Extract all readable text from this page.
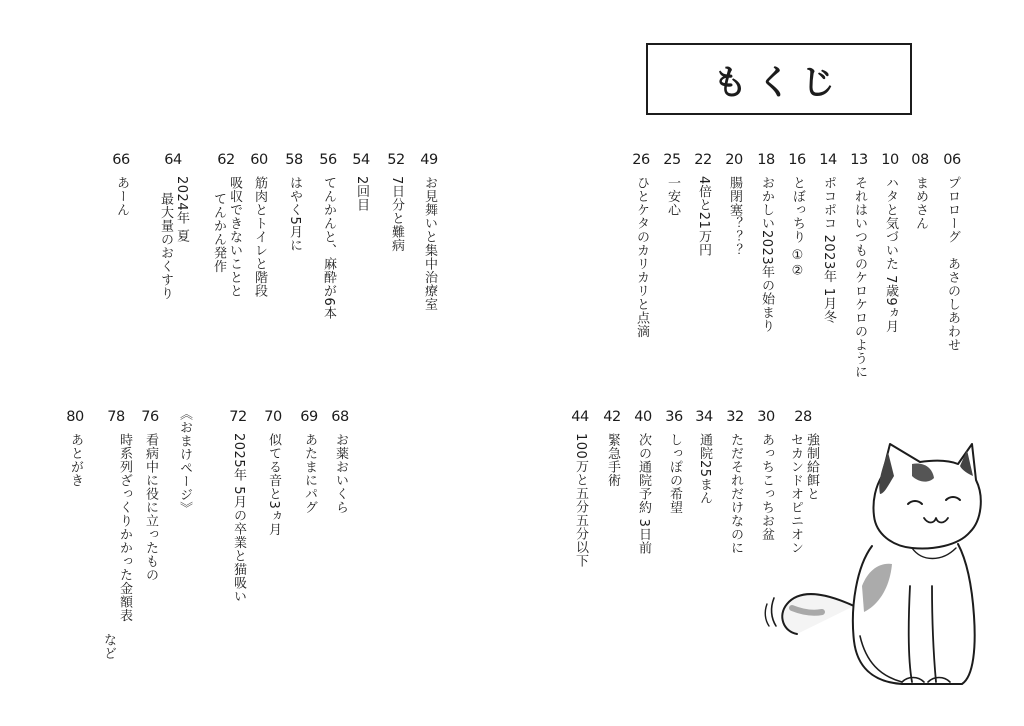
もくじ
06
プロローグ　あさのしあわせ
08
まめさん
10
ハタと気づいた 7歳9ヵ月
13
それはいつものケロケロのように
14
ポコポコ 2023年 1月冬
16
とぼっちり ①②
18
おかしい2023年の始まり
20
腸閉塞？？？
22
4倍と21万円
25
一安心
26
ひとケタのカリカリと点滴
49
お見舞いと集中治療室
52
7日分と難病
54
2回目
56
てんかんと、麻酔が6本
58
はやく5月に
60
筋肉とトイレと階段
62
吸収できないことと
てんかん発作
64
2024年 夏
最大量のおくすり
66
あーん
28
強制給餌と
セカンドオピニオン
30
あっちこっちお盆
32
ただそれだけなのに
34
通院25まん
36
しっぽの希望
40
次の通院予約 3日前
42
緊急手術
44
100万と五分五分以下
68
お薬おいくら
69
あたまにパグ
70
似てる音と3ヵ月
72
2025年 5月の卒業と猫吸い
《おまけページ》
76
看病中に役に立ったもの
78
時系列ざっくりかかった金額表
など
80
あとがき
